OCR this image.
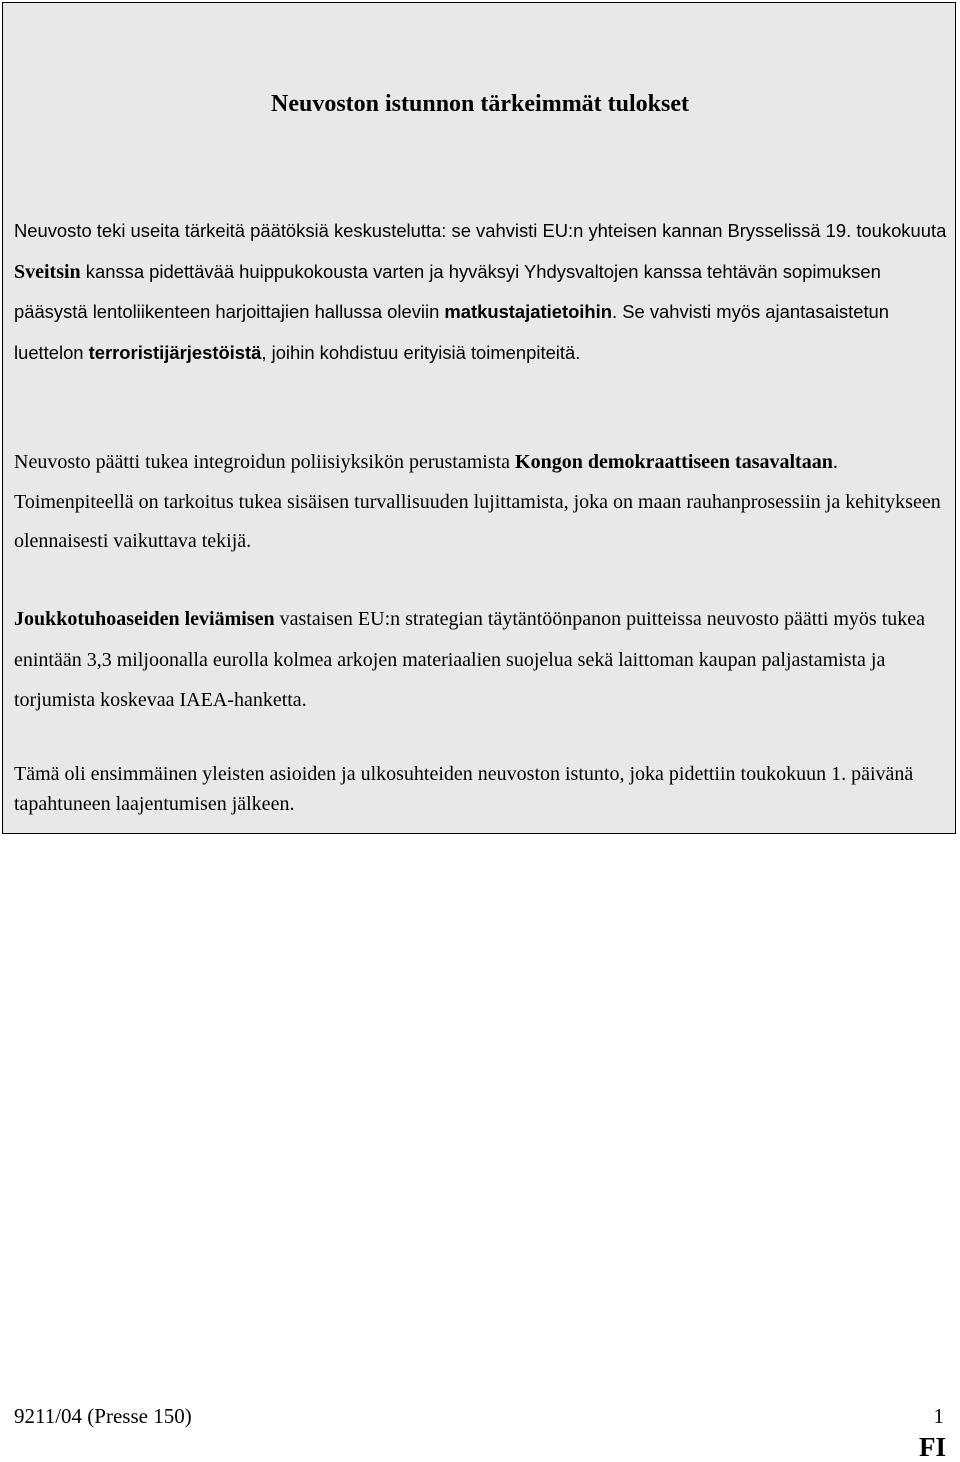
Neuvoston istunnon tärkeimmät tulokset
Neuvosto teki useita tärkeitä päätöksiä keskustelutta: se vahvisti EU:n yhteisen kannan Brysselissä 19. toukokuuta Sveitsin kanssa pidettävää huippukokousta varten ja hyväksyi Yhdysvaltojen kanssa tehtävän sopimuksen pääsystä lentoliikenteen harjoittajien hallussa oleviin matkustajatietoihin. Se vahvisti myös ajantasaistetun luettelon terroristijärjestöistä, joihin kohdistuu erityisiä toimenpiteitä.
Neuvosto päätti tukea integroidun poliisiyksikön perustamista Kongon demokraattiseen tasavaltaan. Toimenpiteellä on tarkoitus tukea sisäisen turvallisuuden lujittamista, joka on maan rauhanprosessiin ja kehitykseen olennaisesti vaikuttava tekijä.
Joukkotuhoaseiden leviämisen vastaisen EU:n strategian täytäntöönpanon puitteissa neuvosto päätti myös tukea enintään 3,3 miljoonalla eurolla kolmea arkojen materiaalien suojelua sekä laittoman kaupan paljastamista ja torjumista koskevaa IAEA-hanketta.
Tämä oli ensimmäinen yleisten asioiden ja ulkosuhteiden neuvoston istunto, joka pidettiin toukokuun 1. päivänä tapahtuneen laajentumisen jälkeen.
9211/04 (Presse 150)	1
FI
